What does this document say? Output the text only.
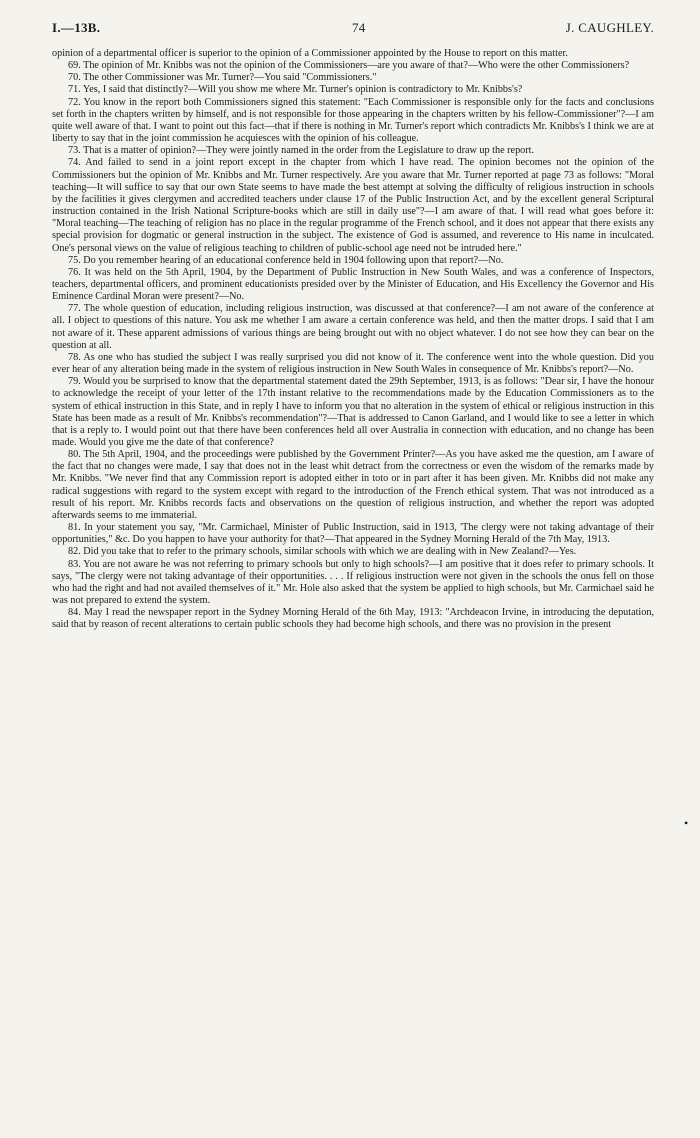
I.—13B.	74	J. CAUGHLEY.

opinion of a departmental officer is superior to the opinion of a Commissioner appointed by the House to report on this matter.

69. The opinion of Mr. Knibbs was not the opinion of the Commissioners—are you aware of that?—Who were the other Commissioners?

70. The other Commissioner was Mr. Turner?—You said "Commissioners."

71. Yes, I said that distinctly?—Will you show me where Mr. Turner's opinion is contradictory to Mr. Knibbs's?

72. You know in the report both Commissioners signed this statement: "Each Commissioner is responsible only for the facts and conclusions set forth in the chapters written by himself, and is not responsible for those appearing in the chapters written by his fellow-Commissioner"?—I am quite well aware of that. I want to point out this fact—that if there is nothing in Mr. Turner's report which contradicts Mr. Knibbs's I think we are at liberty to say that in the joint commission he acquiesces with the opinion of his colleague.

73. That is a matter of opinion?—They were jointly named in the order from the Legislature to draw up the report.

74. And failed to send in a joint report except in the chapter from which I have read. The opinion becomes not the opinion of the Commissioners but the opinion of Mr. Knibbs and Mr. Turner respectively. Are you aware that Mr. Turner reported at page 73 as follows: "Moral teaching—It will suffice to say that our own State seems to have made the best attempt at solving the difficulty of religious instruction in schools by the facilities it gives clergymen and accredited teachers under clause 17 of the Public Instruction Act, and by the excellent general Scriptural instruction contained in the Irish National Scripture-books which are still in daily use"?—I am aware of that. I will read what goes before it: "Moral teaching—The teaching of religion has no place in the regular programme of the French school, and it does not appear that there exists any special provision for dogmatic or general instruction in the subject. The existence of God is assumed, and reverence to His name in inculcated. One's personal views on the value of religious teaching to children of public-school age need not be intruded here."

75. Do you remember hearing of an educational conference held in 1904 following upon that report?—No.

76. It was held on the 5th April, 1904, by the Department of Public Instruction in New South Wales, and was a conference of Inspectors, teachers, departmental officers, and prominent educationists presided over by the Minister of Education, and His Excellency the Governor and His Eminence Cardinal Moran were present?—No.

77. The whole question of education, including religious instruction, was discussed at that conference?—I am not aware of the conference at all. I object to questions of this nature. You ask me whether I am aware a certain conference was held, and then the matter drops. I said that I am not aware of it. These apparent admissions of various things are being brought out with no object whatever. I do not see how they can bear on the question at all.

78. As one who has studied the subject I was really surprised you did not know of it. The conference went into the whole question. Did you ever hear of any alteration being made in the system of religious instruction in New South Wales in consequence of Mr. Knibbs's report?—No.

79. Would you be surprised to know that the departmental statement dated the 29th September, 1913, is as follows: "Dear sir, I have the honour to acknowledge the receipt of your letter of the 17th instant relative to the recommendations made by the Education Commissioners as to the system of ethical instruction in this State, and in reply I have to inform you that no alteration in the system of ethical or religious instruction in this State has been made as a result of Mr. Knibbs's recommendation"?—That is addressed to Canon Garland, and I would like to see a letter in which that is a reply to. I would point out that there have been conferences held all over Australia in connection with education, and no change has been made. Would you give me the date of that conference?

80. The 5th April, 1904, and the proceedings were published by the Government Printer?—As you have asked me the question, am I aware of the fact that no changes were made, I say that does not in the least whit detract from the correctness or even the wisdom of the remarks made by Mr. Knibbs. "We never find that any Commission report is adopted either in toto or in part after it has been given. Mr. Knibbs did not make any radical suggestions with regard to the system except with regard to the introduction of the French ethical system. That was not introduced as a result of his report. Mr. Knibbs records facts and observations on the question of religious instruction, and whether the report was adopted afterwards seems to me immaterial.

81. In your statement you say, "Mr. Carmichael, Minister of Public Instruction, said in 1913, 'The clergy were not taking advantage of their opportunities," &c. Do you happen to have your authority for that?—That appeared in the Sydney Morning Herald of the 7th May, 1913.

82. Did you take that to refer to the primary schools, similar schools with which we are dealing with in New Zealand?—Yes.

83. You are not aware he was not referring to primary schools but only to high schools?—I am positive that it does refer to primary schools. It says, "The clergy were not taking advantage of their opportunities. . . . If religious instruction were not given in the schools the onus fell on those who had the right and had not availed themselves of it." Mr. Hole also asked that the system be applied to high schools, but Mr. Carmichael said he was not prepared to extend the system.

84. May I read the newspaper report in the Sydney Morning Herald of the 6th May, 1913: "Archdeacon Irvine, in introducing the deputation, said that by reason of recent alterations to certain public schools they had become high schools, and there was no provision in the present

•
